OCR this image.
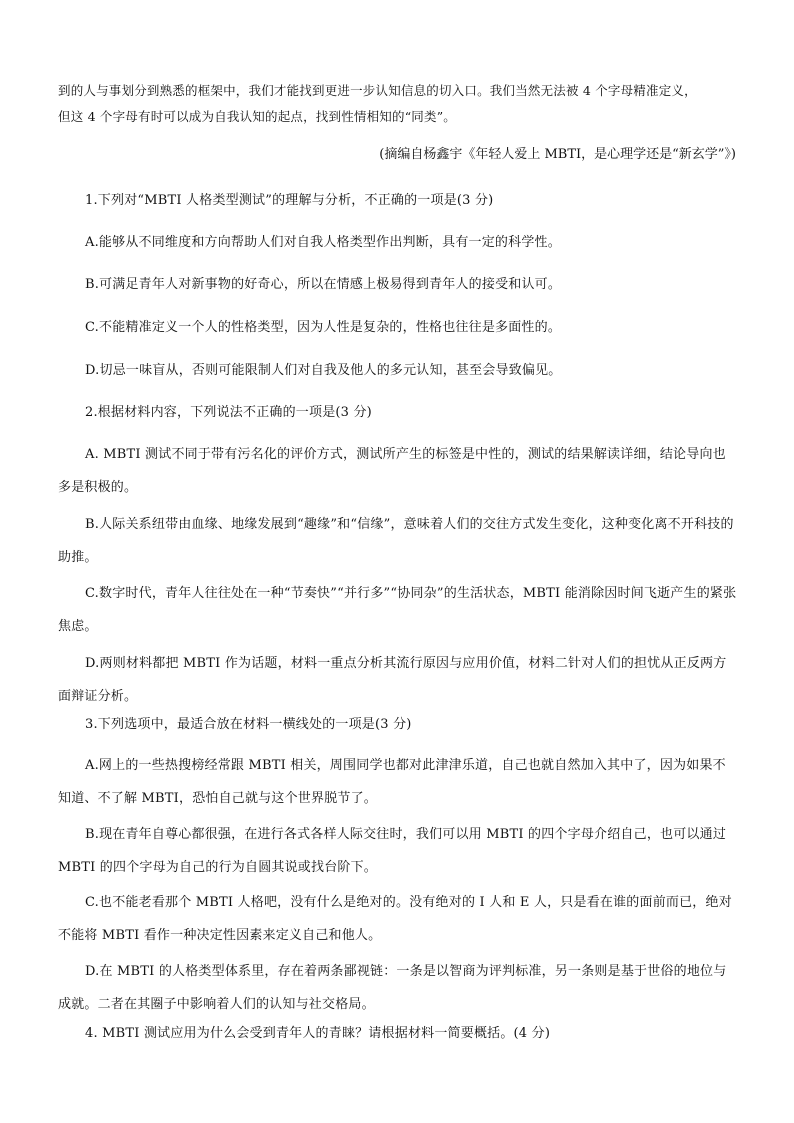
到的人与事划分到熟悉的框架中，我们才能找到更进一步认知信息的切入口。我们当然无法被 4 个字母精准定义，
但这 4 个字母有时可以成为自我认知的起点，找到性情相知的“同类”。
(摘编自杨鑫宇《年轻人爱上 MBTI，是心理学还是“新玄学”》)
1.下列对“MBTI 人格类型测试”的理解与分析，不正确的一项是(3 分)
A.能够从不同维度和方向帮助人们对自我人格类型作出判断，具有一定的科学性。
B.可满足青年人对新事物的好奇心，所以在情感上极易得到青年人的接受和认可。
C.不能精准定义一个人的性格类型，因为人性是复杂的，性格也往往是多面性的。
D.切忌一味盲从，否则可能限制人们对自我及他人的多元认知，甚至会导致偏见。
2.根据材料内容，下列说法不正确的一项是(3 分)
A. MBTI 测试不同于带有污名化的评价方式，测试所产生的标签是中性的，测试的结果解读详细，结论导向也多是积极的。
B.人际关系纽带由血缘、地缘发展到“趣缘”和“信缘”，意味着人们的交往方式发生变化，这种变化离不开科技的助推。
C.数字时代，青年人往往处在一种“节奏快”“并行多”“协同杂”的生活状态，MBTI 能消除因时间飞逝产生的紧张焦虑。
D.两则材料都把 MBTI 作为话题，材料一重点分析其流行原因与应用价值，材料二针对人们的担忧从正反两方面辩证分析。
3.下列选项中，最适合放在材料一横线处的一项是(3 分)
A.网上的一些热搜榜经常跟 MBTI 相关，周围同学也都对此津津乐道，自己也就自然加入其中了，因为如果不知道、不了解 MBTI，恐怕自己就与这个世界脱节了。
B.现在青年自尊心都很强，在进行各式各样人际交往时，我们可以用 MBTI 的四个字母介绍自己，也可以通过 MBTI 的四个字母为自己的行为自圆其说或找台阶下。
C.也不能老看那个 MBTI 人格吧，没有什么是绝对的。没有绝对的 I 人和 E 人，只是看在谁的面前而已，绝对不能将 MBTI 看作一种决定性因素来定义自己和他人。
D.在 MBTI 的人格类型体系里，存在着两条鄙视链：一条是以智商为评判标准，另一条则是基于世俗的地位与成就。二者在其圈子中影响着人们的认知与社交格局。
4. MBTI 测试应用为什么会受到青年人的青睐？请根据材料一简要概括。(4 分)
